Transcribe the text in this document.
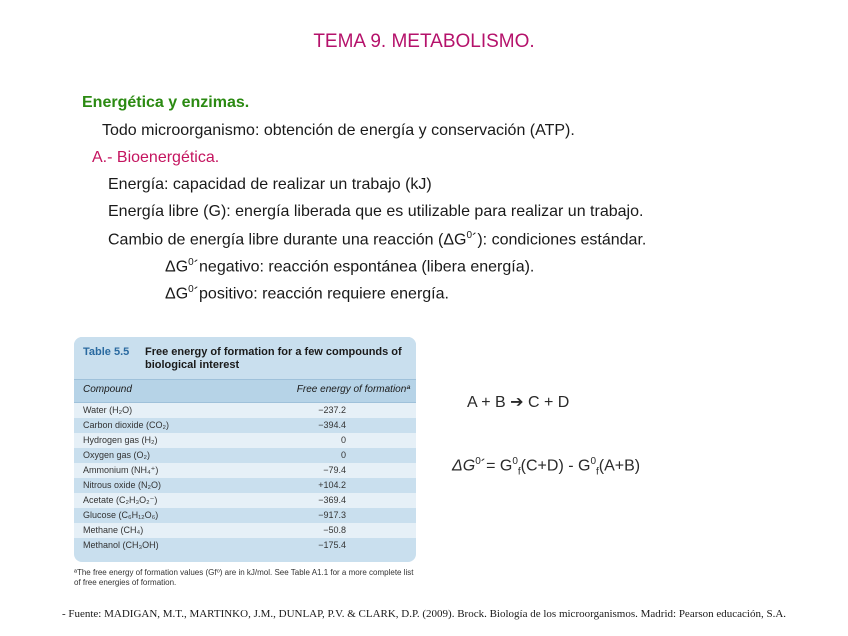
TEMA 9. METABOLISMO.
Energética y enzimas.
Todo microorganismo: obtención de energía y conservación (ATP).
A.- Bioenergética.
Energía: capacidad de realizar un trabajo (kJ)
Energía libre (G): energía liberada que es utilizable para realizar un trabajo.
Cambio de energía libre durante una reacción $(\Delta G^0´)$: condiciones estándar.
$\Delta G^0´negativo$: reacción espontánea (libera energía).
$\Delta G^0´positivo$: reacción requiere energía.
Table 5.5 Free energy of formation for a few compounds of biological interest
Compound	Free energy of formationª
Water (H₂O)	−237.2
Carbon dioxide (CO₂)	−394.4
Hydrogen gas (H₂)	0
Oxygen gas (O₂)	0
Ammonium (NH₄⁺)	−79.4
Nitrous oxide (N₂O)	+104.2
Acetate (C₂H₃O₂⁻)	−369.4
Glucose (C₆H₁₂O₆)	−917.3
Methane (CH₄)	−50.8
Methanol (CH₃OH)	−175.4
ªThe free energy of formation values (Gf⁰) are in kJ/mol. See Table A1.1 for a more complete list of free energies of formation.
A + B ➔ C + D
$\Delta G^0´= G^0_f(C+D) - G^0_f(A+B)$
- Fuente: MADIGAN, M.T., MARTINKO, J.M., DUNLAP, P.V. & CLARK, D.P. (2009). Brock. Biología de los microorganismos. Madrid: Pearson educación, S.A.
